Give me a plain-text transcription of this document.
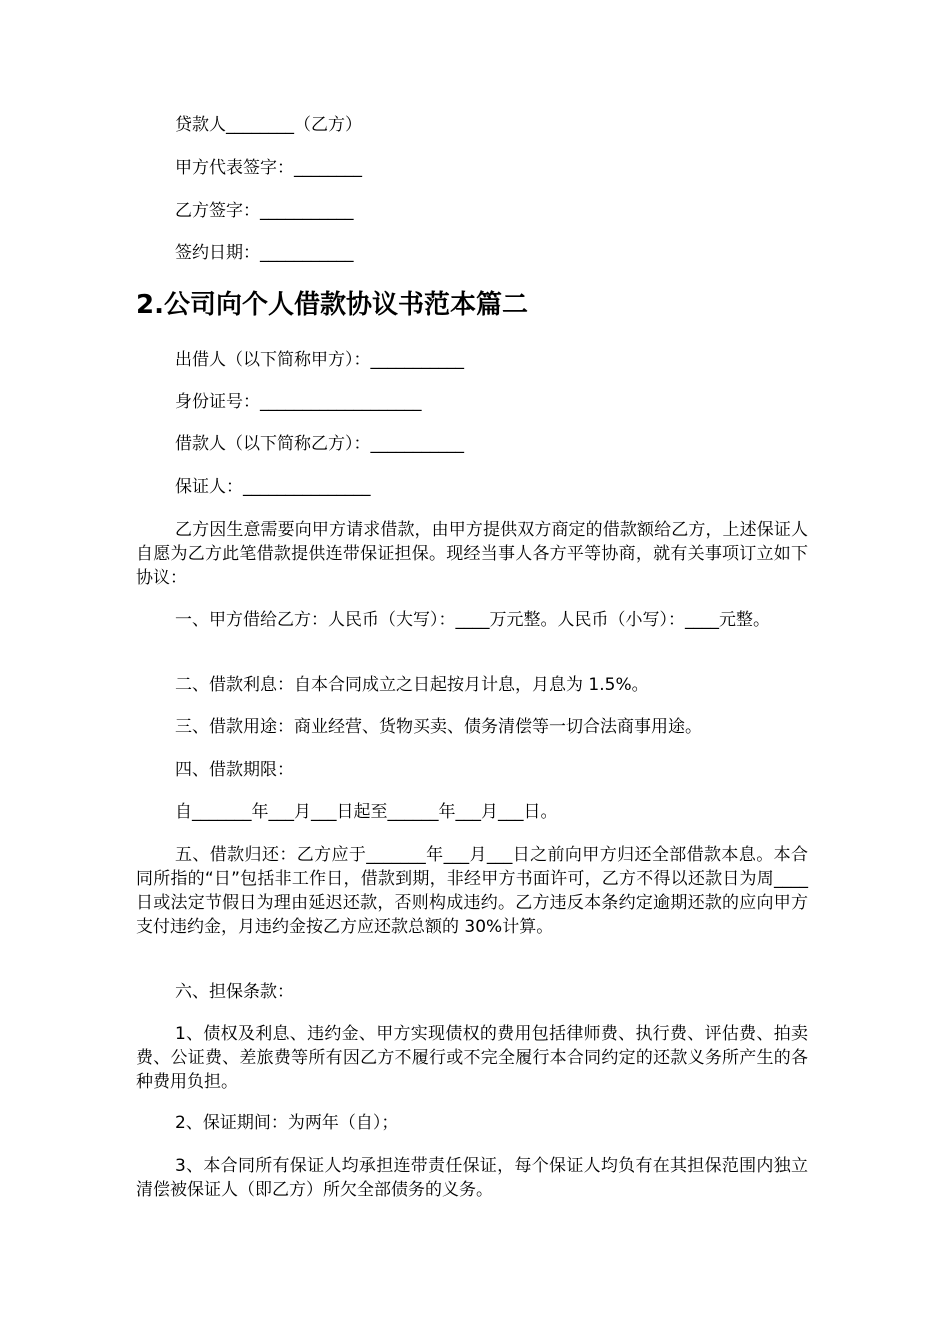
贷款人________（乙方）
甲方代表签字：________
乙方签字：___________
签约日期：___________
2.公司向个人借款协议书范本篇二
出借人（以下简称甲方）：___________
身份证号：___________________
借款人（以下简称乙方）：___________
保证人：_______________
乙方因生意需要向甲方请求借款，由甲方提供双方商定的借款额给乙方，上述保证人自愿为乙方此笔借款提供连带保证担保。现经当事人各方平等协商，就有关事项订立如下协议：
一、甲方借给乙方：人民币（大写）：____万元整。人民币（小写）：____元整。
二、借款利息：自本合同成立之日起按月计息，月息为 1.5%。
三、借款用途：商业经营、货物买卖、债务清偿等一切合法商事用途。
四、借款期限：
自_______年___月___日起至______年___月___日。
五、借款归还：乙方应于_______年___月___日之前向甲方归还全部借款本息。本合同所指的“日”包括非工作日，借款到期，非经甲方书面许可，乙方不得以还款日为周____日或法定节假日为理由延迟还款，否则构成违约。乙方违反本条约定逾期还款的应向甲方支付违约金，月违约金按乙方应还款总额的 30%计算。
六、担保条款：
1、债权及利息、违约金、甲方实现债权的费用包括律师费、执行费、评估费、拍卖费、公证费、差旅费等所有因乙方不履行或不完全履行本合同约定的还款义务所产生的各种费用负担。
2、保证期间：为两年（自）；
3、本合同所有保证人均承担连带责任保证，每个保证人均负有在其担保范围内独立清偿被保证人（即乙方）所欠全部债务的义务。
